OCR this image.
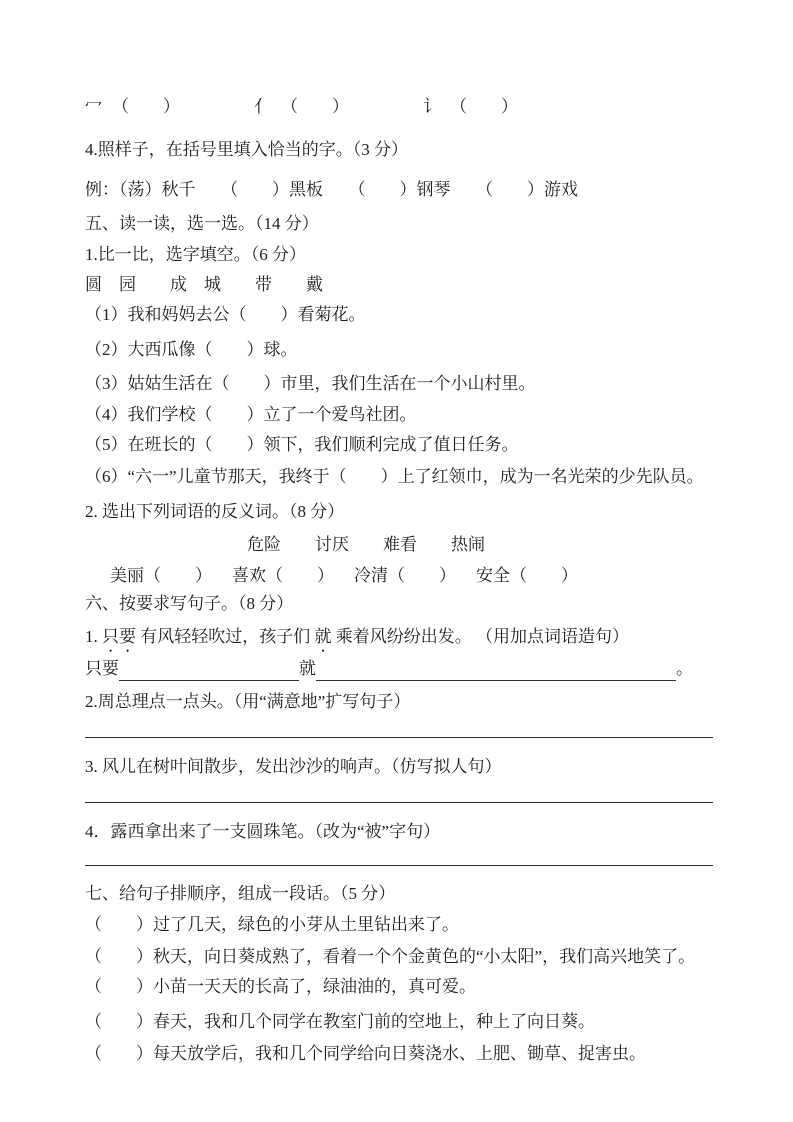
冖 （　　）	亻 （　　）	讠 （　　）
4.照样子，在括号里填入恰当的字。（3 分）
例：（荡）秋千　　（　　）黑板　　（　　）钢琴　　（　　）游戏
五、读一读，选一选。（14 分）
1.比一比，选字填空。（6 分）
圆　园　　成　城　　带　　戴
（1）我和妈妈去公（　　）看菊花。
（2）大西瓜像（　　）球。
（3）姑姑生活在（　　）市里，我们生活在一个小山村里。
（4）我们学校（　　）立了一个爱鸟社团。
（5）在班长的（　　）领下，我们顺利完成了值日任务。
（6）“六一”儿童节那天，我终于（　　）上了红领巾，成为一名光荣的少先队员。
2. 选出下列词语的反义词。（8 分）
危险　　讨厌　　难看　　热闹
美丽（　　） 喜欢（　　） 冷清（　　） 安全（　　）
六、按要求写句子。（8 分）
1. 只要 有风轻轻吹过，孩子们 就 乘着风纷纷出发。 （用加点词语造句）
只要	就	。
2.周总理点一点头。（用“满意地”扩写句子）
3. 风儿在树叶间散步，发出沙沙的响声。（仿写拟人句）
4．露西拿出来了一支圆珠笔。（改为“被”字句）
七、给句子排顺序，组成一段话。（5 分）
（　　）过了几天，绿色的小芽从土里钻出来了。
（　　）秋天，向日葵成熟了，看着一个个金黄色的“小太阳”，我们高兴地笑了。
（　　）小苗一天天的长高了，绿油油的，真可爱。
（　　）春天，我和几个同学在教室门前的空地上，种上了向日葵。
（　　）每天放学后，我和几个同学给向日葵浇水、上肥、锄草、捉害虫。
